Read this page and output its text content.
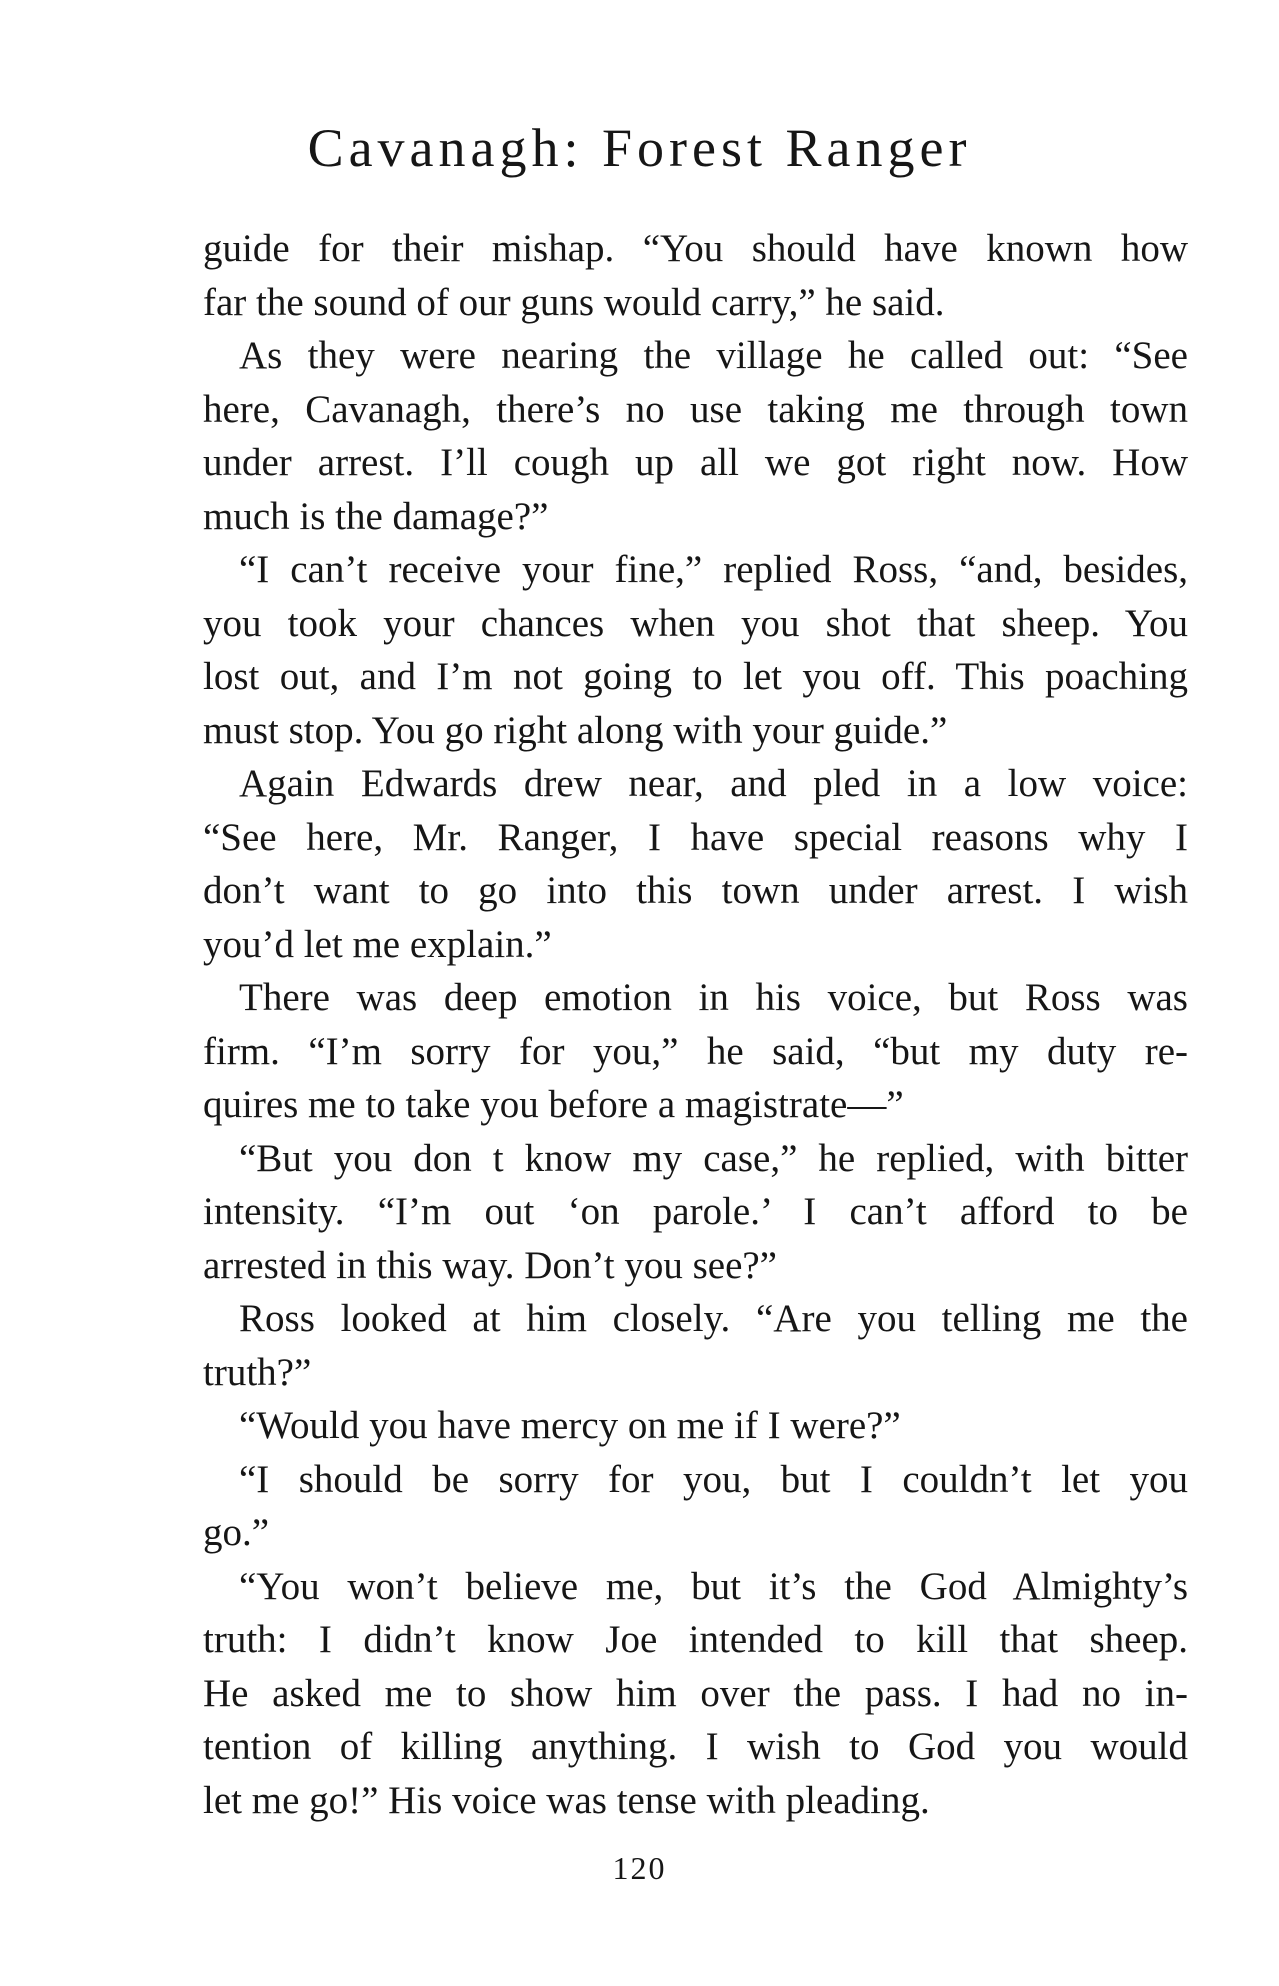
Cavanagh: Forest Ranger
guide for their mishap. “You should have known how
far the sound of our guns would carry,” he said.
As they were nearing the village he called out: “See
here, Cavanagh, there’s no use taking me through town
under arrest. I’ll cough up all we got right now. How
much is the damage?”
“I can’t receive your fine,” replied Ross, “and, besides,
you took your chances when you shot that sheep. You
lost out, and I’m not going to let you off. This poaching
must stop. You go right along with your guide.”
Again Edwards drew near, and pled in a low voice:
“See here, Mr. Ranger, I have special reasons why I
don’t want to go into this town under arrest. I wish
you’d let me explain.”
There was deep emotion in his voice, but Ross was
firm. “I’m sorry for you,” he said, “but my duty re-
quires me to take you before a magistrate—”
“But you don t know my case,” he replied, with bitter
intensity. “I’m out ‘on parole.’ I can’t afford to be
arrested in this way. Don’t you see?”
Ross looked at him closely. “Are you telling me the
truth?”
“Would you have mercy on me if I were?”
“I should be sorry for you, but I couldn’t let you
go.”
“You won’t believe me, but it’s the God Almighty’s
truth: I didn’t know Joe intended to kill that sheep.
He asked me to show him over the pass. I had no in-
tention of killing anything. I wish to God you would
let me go!” His voice was tense with pleading.
120
